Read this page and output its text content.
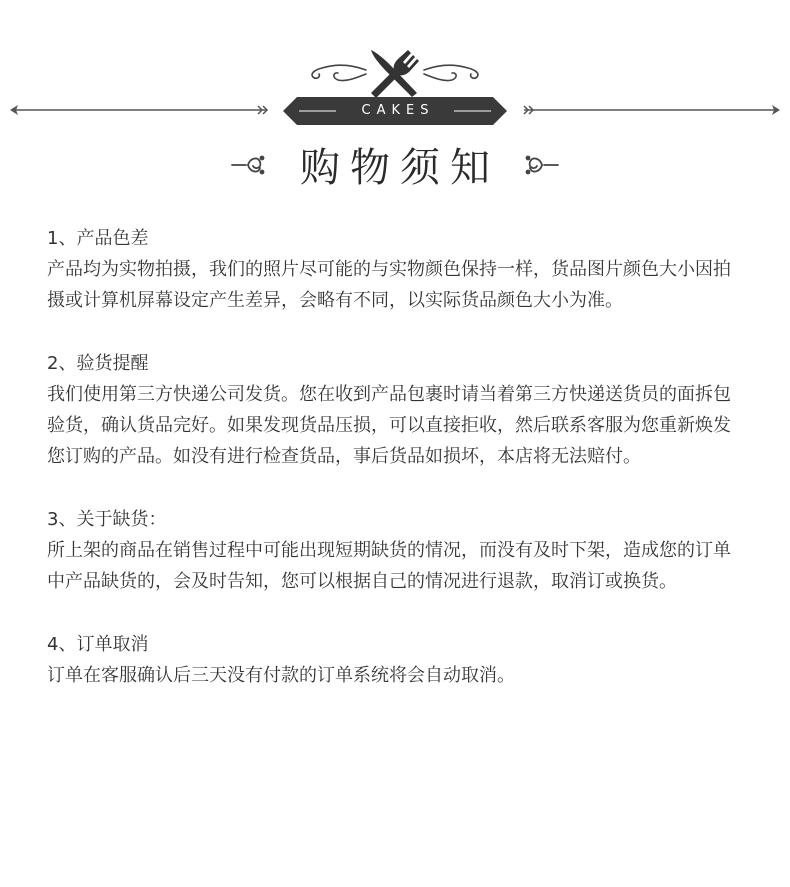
CAKES
购物须知

1、产品色差

产品均为实物拍摄，我们的照片尽可能的与实物颜色保持一样，货品图片颜色大小因拍摄或计算机屏幕设定产生差异，会略有不同，以实际货品颜色大小为准。

2、验货提醒

我们使用第三方快递公司发货。您在收到产品包裹时请当着第三方快递送货员的面拆包验货，确认货品完好。如果发现货品压损，可以直接拒收，然后联系客服为您重新焕发您订购的产品。如没有进行检查货品，事后货品如损坏，本店将无法赔付。

3、关于缺货：

所上架的商品在销售过程中可能出现短期缺货的情况，而没有及时下架，造成您的订单中产品缺货的，会及时告知，您可以根据自己的情况进行退款，取消订或换货。

4、订单取消

订单在客服确认后三天没有付款的订单系统将会自动取消。
